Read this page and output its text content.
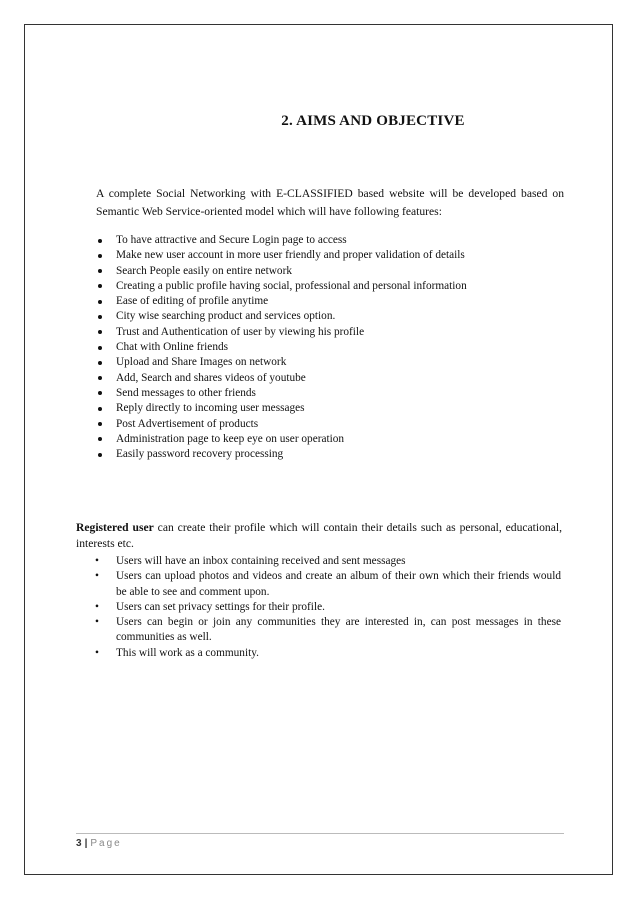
2. AIMS AND OBJECTIVE
A complete Social Networking with E-CLASSIFIED based website will be developed based on Semantic Web Service-oriented model which will have following features:
To have attractive and Secure Login page to access
Make new user account in more user friendly and proper validation of details
Search People easily on entire network
Creating a public profile having social, professional and personal information
Ease of editing of profile anytime
City wise searching product and services option.
Trust and Authentication of user by viewing his profile
Chat with Online friends
Upload and Share Images on network
Add, Search and shares videos of youtube
Send messages to other friends
Reply directly to incoming user messages
Post Advertisement of products
Administration page to keep eye on user operation
Easily password recovery processing
Registered user can create their profile which will contain their details such as personal, educational, interests etc.
• Users will have an inbox containing received and sent messages
• Users can upload photos and videos and create an album of their own which their friends would be able to see and comment upon.
• Users can set privacy settings for their profile.
• Users can begin or join any communities they are interested in, can post messages in these communities as well.
• This will work as a community.
3 | Page
